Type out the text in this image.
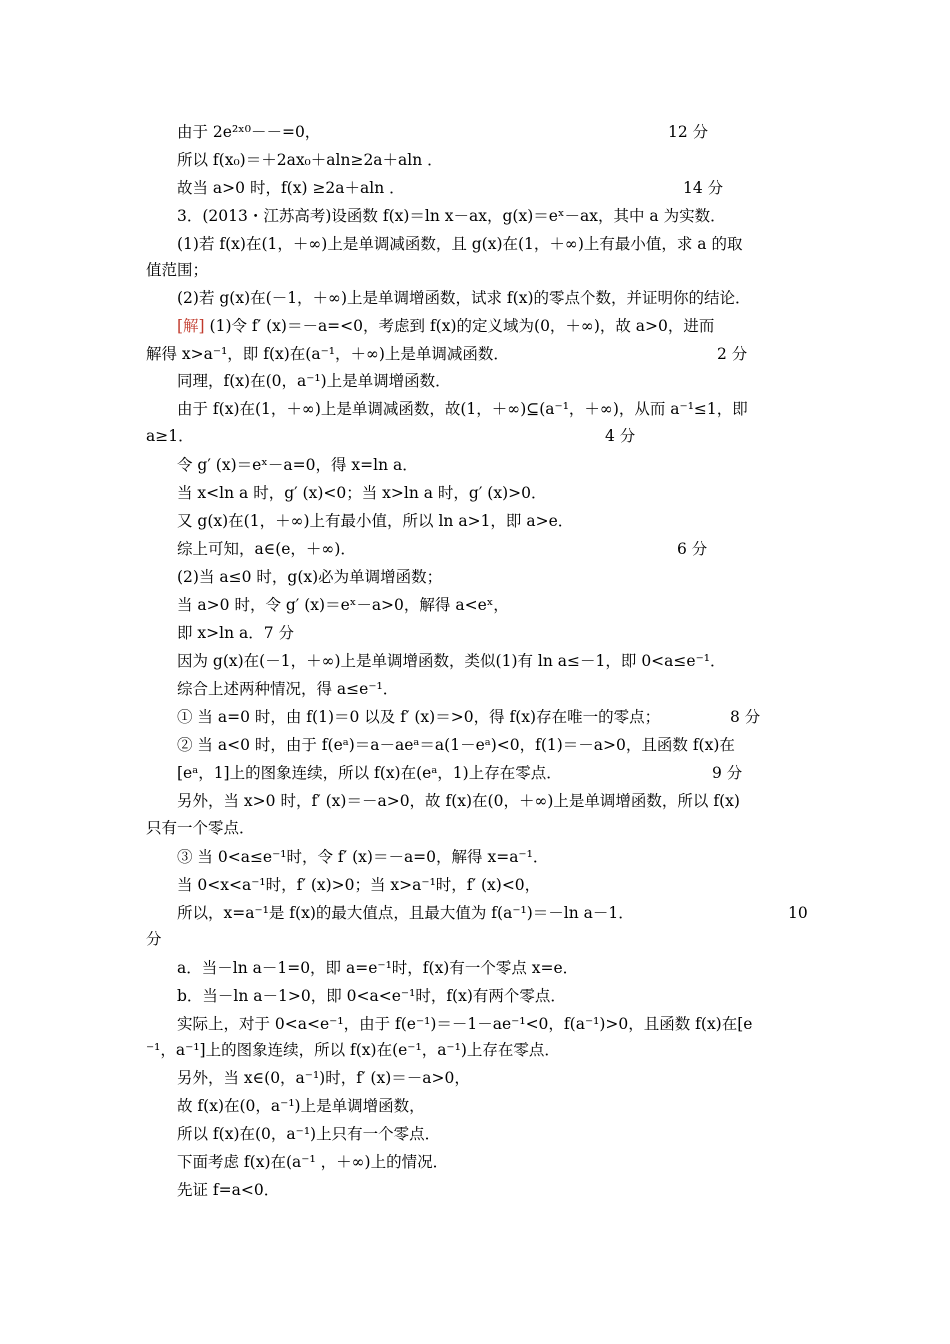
由于 2e²ˣ⁰－－=0，	12 分
所以 f(x₀)＝＋2ax₀＋aln≥2a＋aln ．
故当 a>0 时，f(x) ≥2a＋aln ．	14 分
3．(2013・江苏高考)设函数 f(x)＝ln x－ax，g(x)＝eˣ－ax，其中 a 为实数．
(1)若 f(x)在(1，＋∞)上是单调减函数，且 g(x)在(1，＋∞)上有最小值，求 a 的取
值范围；
(2)若 g(x)在(－1，＋∞)上是单调增函数，试求 f(x)的零点个数，并证明你的结论．
[解] (1)令 f′ (x)＝－a=<0，考虑到 f(x)的定义域为(0，＋∞)，故 a>0，进而
解得 x>a⁻¹，即 f(x)在(a⁻¹，＋∞)上是单调减函数．	2 分
同理，f(x)在(0，a⁻¹)上是单调增函数．
由于 f(x)在(1，＋∞)上是单调减函数，故(1，＋∞)⊆(a⁻¹，＋∞)，从而 a⁻¹≤1，即
a≥1．	4 分
令 g′ (x)＝eˣ－a=0，得 x=ln a．
当 x<ln a 时，g′ (x)<0；当 x>ln a 时，g′ (x)>0．
又 g(x)在(1，＋∞)上有最小值，所以 ln a>1，即 a>e．
综上可知，a∈(e，＋∞)．	6 分
(2)当 a≤0 时，g(x)必为单调增函数；
当 a>0 时，令 g′ (x)＝eˣ－a>0，解得 a<eˣ，
即 x>ln a．7 分
因为 g(x)在(－1，＋∞)上是单调增函数，类似(1)有 ln a≤－1，即 0<a≤e⁻¹．
综合上述两种情况，得 a≤e⁻¹．
① 当 a=0 时，由 f(1)＝0 以及 f′ (x)＝>0，得 f(x)存在唯一的零点；	8 分
② 当 a<0 时，由于 f(eᵃ)＝a－aeᵃ＝a(1－eᵃ)<0，f(1)＝－a>0，且函数 f(x)在
[eᵃ，1]上的图象连续，所以 f(x)在(eᵃ，1)上存在零点．	9 分
另外，当 x>0 时，f′ (x)＝－a>0，故 f(x)在(0，＋∞)上是单调增函数，所以 f(x)
只有一个零点．
③ 当 0<a≤e⁻¹时，令 f′ (x)＝－a=0，解得 x=a⁻¹．
当 0<x<a⁻¹时，f′ (x)>0；当 x>a⁻¹时，f′ (x)<0，
所以，x=a⁻¹是 f(x)的最大值点，且最大值为 f(a⁻¹)＝－ln a－1．	10
分
a．当－ln a－1=0，即 a=e⁻¹时，f(x)有一个零点 x=e．
b．当－ln a－1>0，即 0<a<e⁻¹时，f(x)有两个零点．
实际上，对于 0<a<e⁻¹，由于 f(e⁻¹)＝－1－ae⁻¹<0，f(a⁻¹)>0，且函数 f(x)在[e
⁻¹，a⁻¹]上的图象连续，所以 f(x)在(e⁻¹，a⁻¹)上存在零点．
另外，当 x∈(0，a⁻¹)时，f′ (x)＝－a>0，
故 f(x)在(0，a⁻¹)上是单调增函数，
所以 f(x)在(0，a⁻¹)上只有一个零点．
下面考虑 f(x)在(a⁻¹ ，＋∞)上的情况．
先证 f=a<0．
